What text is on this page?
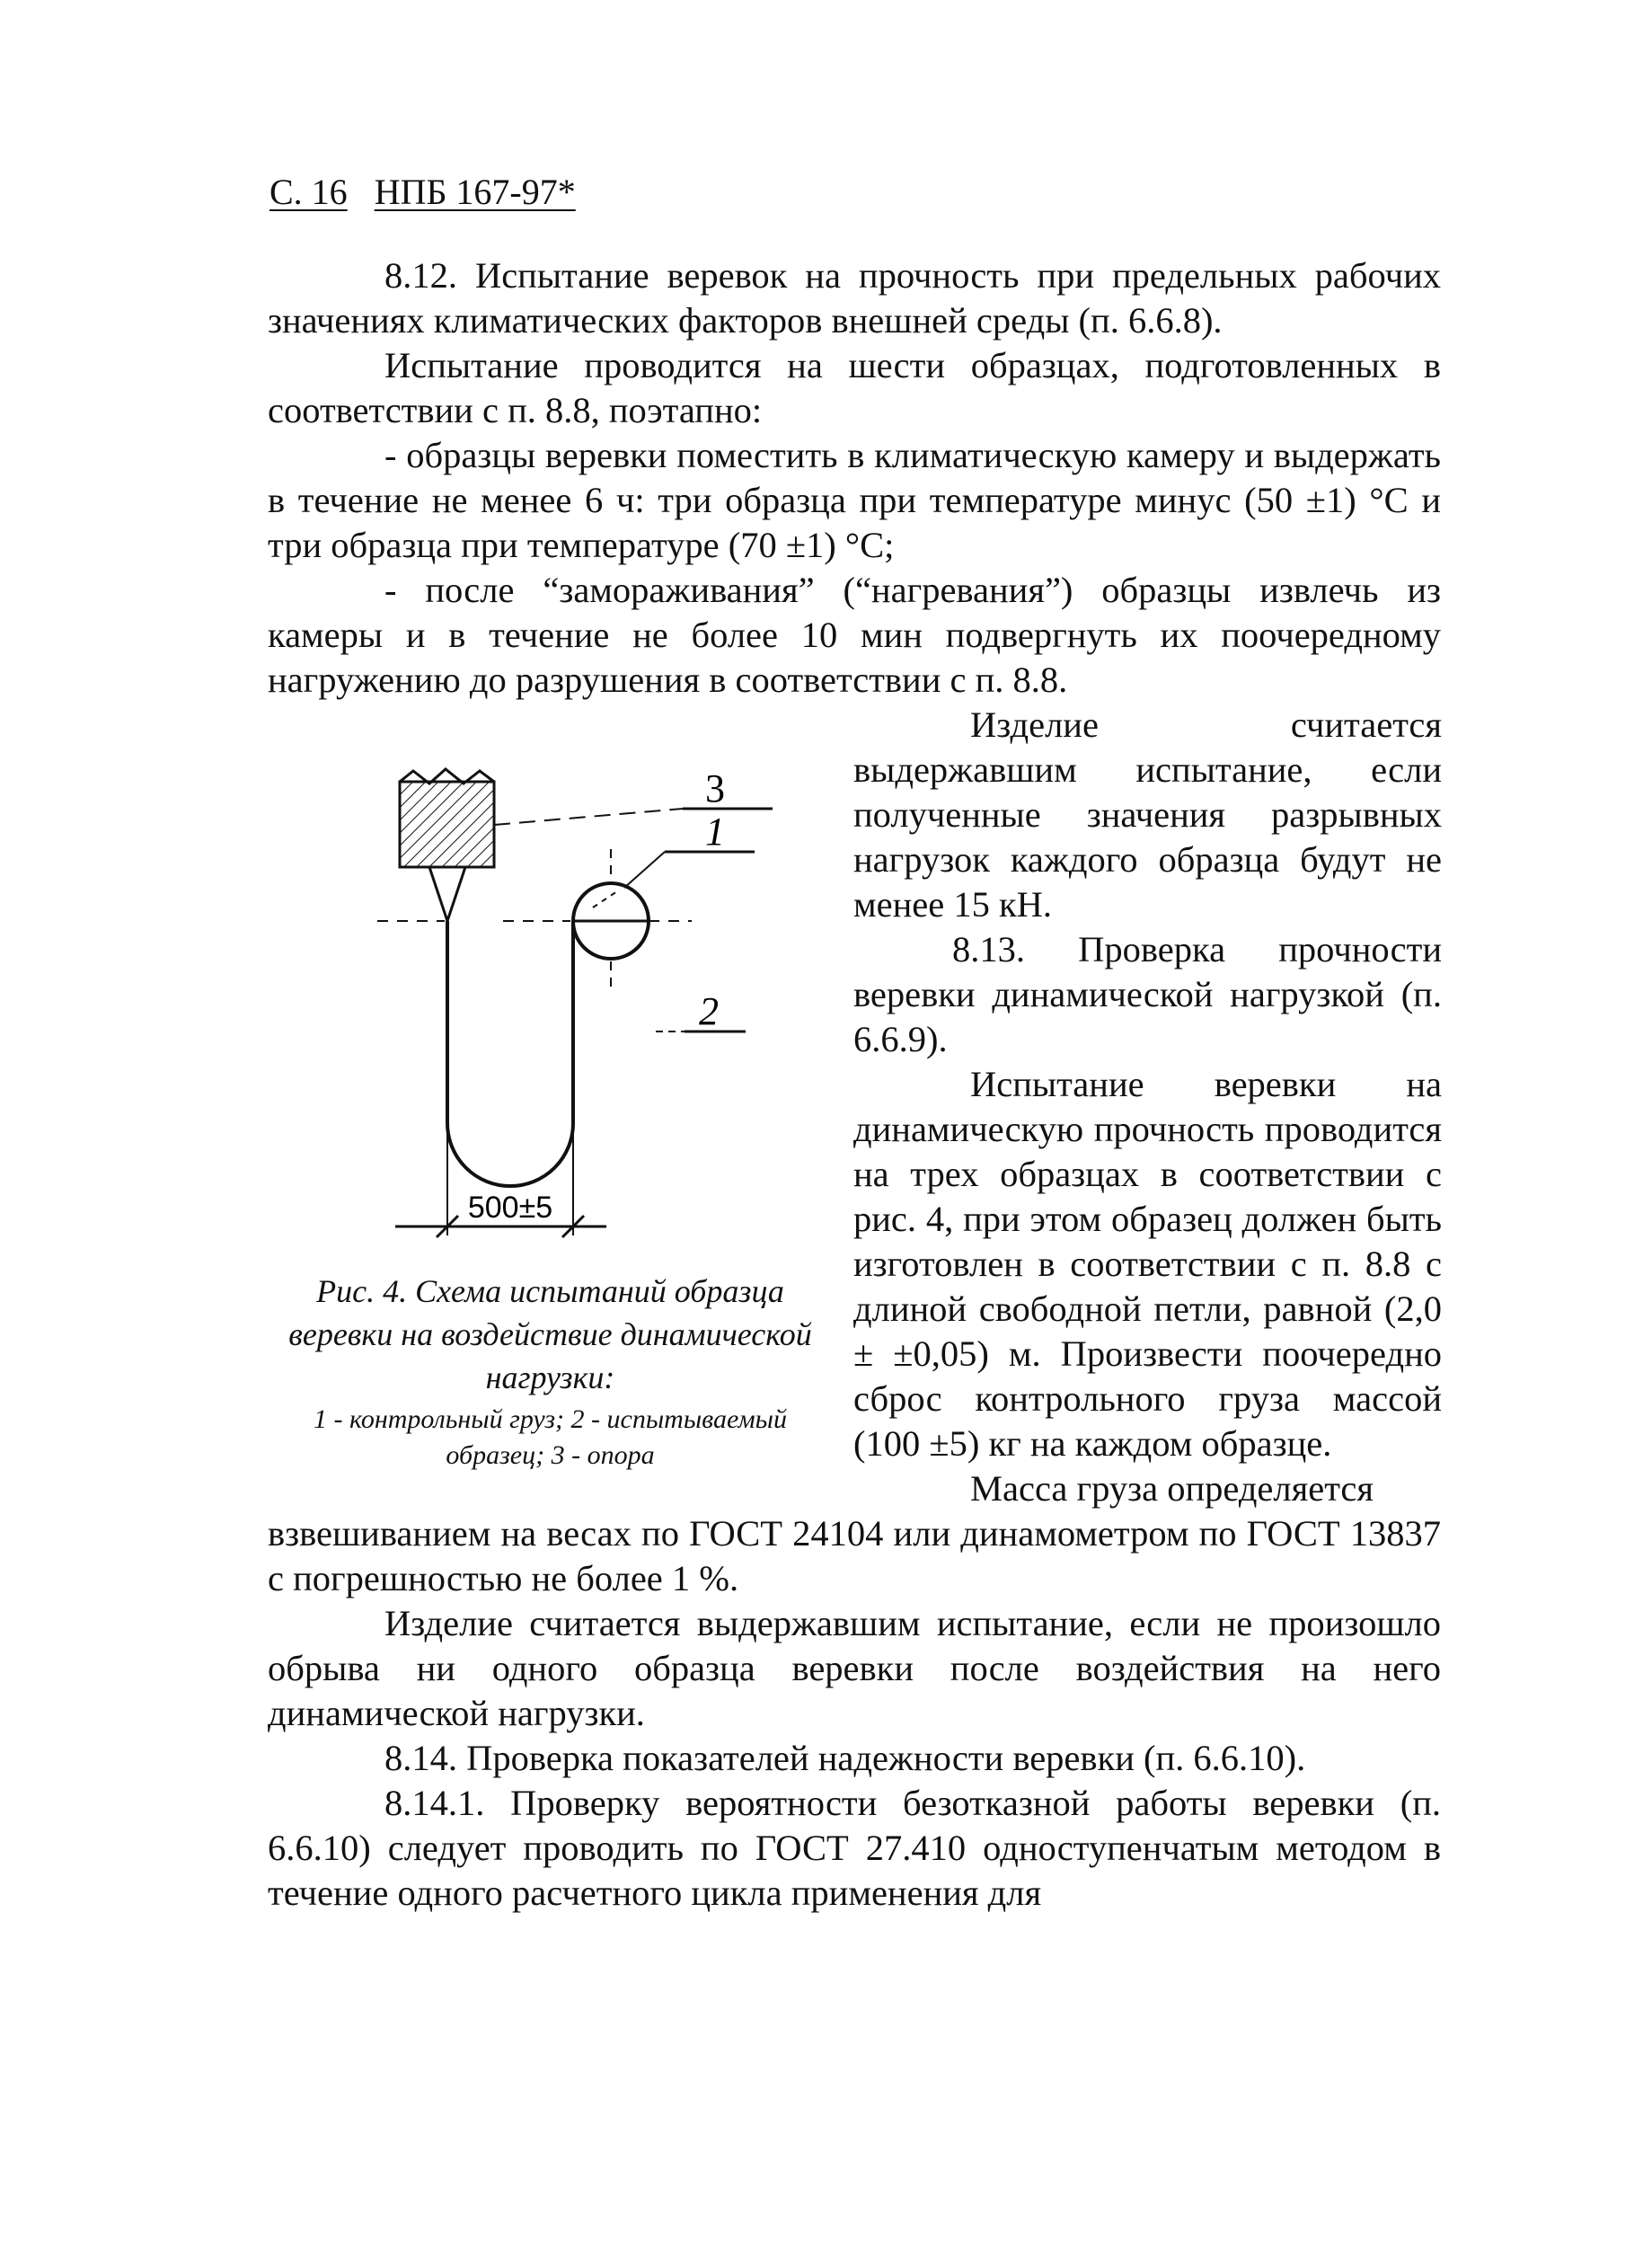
С. 16 НПБ 167-97*

8.12. Испытание веревок на прочность при предельных рабочих значениях климатических факторов внешней среды (п. 6.6.8).

Испытание проводится на шести образцах, подготовленных в соответствии с п. 8.8, поэтапно:

- образцы веревки поместить в климатическую камеру и выдержать в течение не менее 6 ч: три образца при температуре минус (50 ±1) °С и три образца при температуре (70 ±1) °С;

- после “замораживания” (“нагревания”) образцы извлечь из камеры и в течение не более 10 мин подвергнуть их поочередному нагружению до разрушения в соответствии с п. 8.8.

Изделие считается выдержавшим испытание, если полученные значения разрывных нагрузок каждого образца будут не менее 15 кН.

8.13. Проверка прочности веревки динамической нагрузкой (п. 6.6.9).

Испытание веревки на динамическую прочность проводится на трех образцах в соответствии с рис. 4, при этом образец должен быть изготовлен в соответствии с п. 8.8 с длиной свободной петли, равной (2,0 ± ±0,05) м. Произвести поочередно сброс контрольного груза массой (100 ±5) кг на каждом образце.

Масса груза определяется

3
1
2
500±5

Рис. 4. Схема испытаний образца веревки на воздействие динамической нагрузки:

1 - контрольный груз; 2 - испытываемый образец; 3 - опора

взвешиванием на весах по ГОСТ 24104 или динамометром по ГОСТ 13837 с погрешностью не более 1 %.

Изделие считается выдержавшим испытание, если не произошло обрыва ни одного образца веревки после воздействия на него динамической нагрузки.

8.14. Проверка показателей надежности веревки (п. 6.6.10).

8.14.1. Проверку вероятности безотказной работы веревки (п. 6.6.10) следует проводить по ГОСТ 27.410 одноступенчатым методом в течение одного расчетного цикла применения для
